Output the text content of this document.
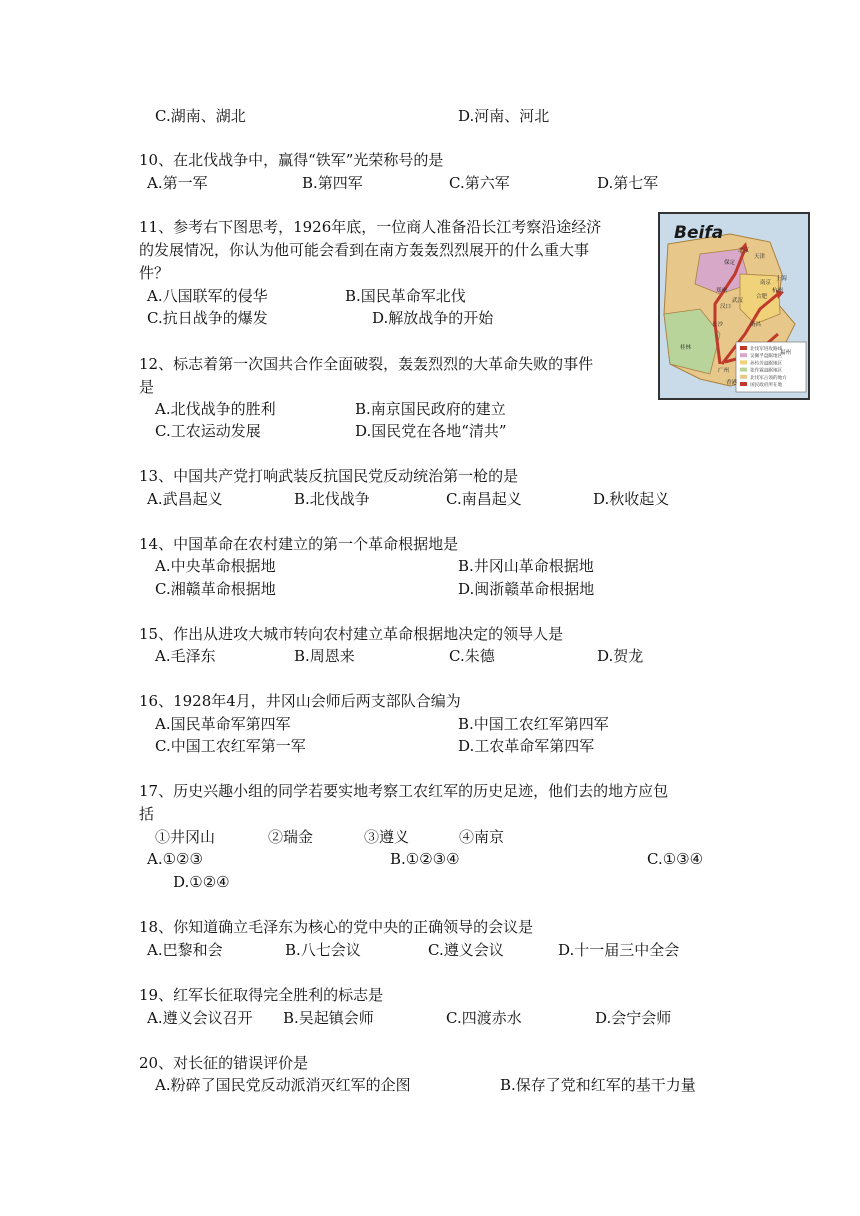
C.湖南、湖北	D.河南、河北
10、在北伐战争中，赢得“铁军”光荣称号的是
A.第一军	B.第四军	C.第六军	D.第七军
11、参考右下图思考，1926年底，一位商人准备沿长江考察沿途经济
的发展情况，你认为他可能会看到在南方轰轰烈烈展开的什么重大事
件？
A.八国联军的侵华	B.国民革命军北伐
C.抗日战争的爆发	D.解放战争的开始
北伐军进攻路线
吴佩孚盘踞地区
孙传芳盘踞地区
张作霖盘踞地区
北伐军占领的地方
国民政府所在地
Beifa
北京
保定
郑州
武汉
汉口
长沙	南昌
杭州
上海
南京
福州
桂林
广州
香港
合肥
天津
12、标志着第一次国共合作全面破裂，轰轰烈烈的大革命失败的事件
是
A.北伐战争的胜利	B.南京国民政府的建立
C.工农运动发展	D.国民党在各地“清共”
13、中国共产党打响武装反抗国民党反动统治第一枪的是
A.武昌起义	B.北伐战争	C.南昌起义	D.秋收起义
14、中国革命在农村建立的第一个革命根据地是
A.中央革命根据地	B.井冈山革命根据地
C.湘赣革命根据地	D.闽浙赣革命根据地
15、作出从进攻大城市转向农村建立革命根据地决定的领导人是
A.毛泽东	B.周恩来	C.朱德	D.贺龙
16、1928年4月，井冈山会师后两支部队合编为
A.国民革命军第四军	B.中国工农红军第四军
C.中国工农红军第一军	D.工农革命军第四军
17、历史兴趣小组的同学若要实地考察工农红军的历史足迹，他们去的地方应包
括
①井冈山	②瑞金	③遵义	④南京
A.①②③	B.①②③④	C.①③④
D.①②④
18、你知道确立毛泽东为核心的党中央的正确领导的会议是
A.巴黎和会	B.八七会议	C.遵义会议	D.十一届三中全会
19、红军长征取得完全胜利的标志是
A.遵义会议召开 B.吴起镇会师	C.四渡赤水	D.会宁会师
20、对长征的错误评价是
A.粉碎了国民党反动派消灭红军的企图	B.保存了党和红军的基干力量
